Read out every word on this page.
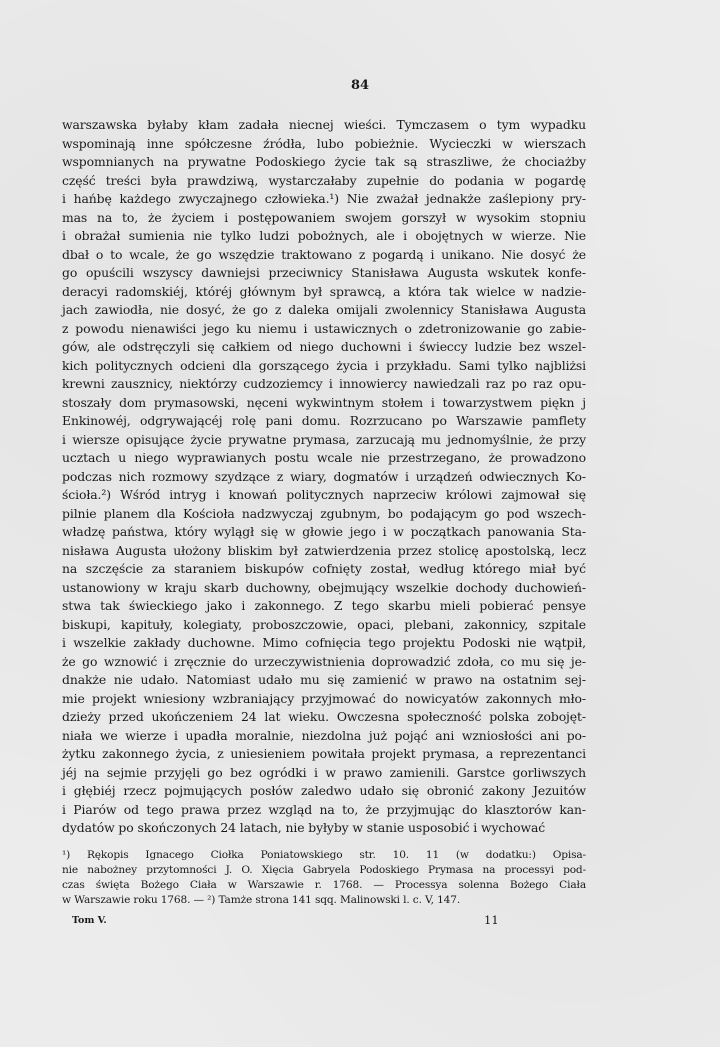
84
warszawska byłaby kłam zadała niecnej wieści. Tymczasem o tym wypadku
wspominają inne spółczesne źródła, lubo pobieżnie. Wycieczki w wierszach
wspomnianych na prywatne Podoskiego życie tak są straszliwe, że chociażby
część treści była prawdziwą, wystarczałaby zupełnie do podania w pogardę
i hańbę każdego zwyczajnego człowieka.¹) Nie zważał jednakże zaślepiony pry-
mas na to, że życiem i postępowaniem swojem gorszył w wysokim stopniu
i obrażał sumienia nie tylko ludzi pobożnych, ale i obojętnych w wierze. Nie
dbał o to wcale, że go wszędzie traktowano z pogardą i unikano. Nie dosyć że
go opuścili wszyscy dawniejsi przeciwnicy Stanisława Augusta wskutek konfe-
deracyi radomskiéj, któréj głównym był sprawcą, a która tak wielce w nadzie-
jach zawiodła, nie dosyć, że go z daleka omijali zwolennicy Stanisława Augusta
z powodu nienawiści jego ku niemu i ustawicznych o zdetronizowanie go zabie-
gów, ale odstręczyli się całkiem od niego duchowni i świeccy ludzie bez wszel-
kich politycznych odcieni dla gorszącego życia i przykładu. Sami tylko najbliżsi
krewni zausznicy, niektórzy cudzoziemcy i innowiercy nawiedzali raz po raz opu-
stoszały dom prymasowski, nęceni wykwintnym stołem i towarzystwem piękn j
Enkinowéj, odgrywającéj rolę pani domu. Rozrzucano po Warszawie pamflety
i wiersze opisujące życie prywatne prymasa, zarzucają mu jednomyślnie, że przy
ucztach u niego wyprawianych postu wcale nie przestrzegano, że prowadzono
podczas nich rozmowy szydzące z wiary, dogmatów i urządzeń odwiecznych Ko-
ścioła.²) Wśród intryg i knowań politycznych naprzeciw królowi zajmował się
pilnie planem dla Kościoła nadzwyczaj zgubnym, bo podającym go pod wszech-
władzę państwa, który wylągł się w głowie jego i w początkach panowania Sta-
nisława Augusta ułożony bliskim był zatwierdzenia przez stolicę apostolską, lecz
na szczęście za staraniem biskupów cofnięty został, według którego miał być
ustanowiony w kraju skarb duchowny, obejmujący wszelkie dochody duchowień-
stwa tak świeckiego jako i zakonnego. Z tego skarbu mieli pobierać pensye
biskupi, kapituły, kolegiaty, proboszczowie, opaci, plebani, zakonnicy, szpitale
i wszelkie zakłady duchowne. Mimo cofnięcia tego projektu Podoski nie wątpił,
że go wznowić i zręcznie do urzeczywistnienia doprowadzić zdoła, co mu się je-
dnakże nie udało. Natomiast udało mu się zamienić w prawo na ostatnim sej-
mie projekt wniesiony wzbraniający przyjmować do nowicyatów zakonnych mło-
dzieży przed ukończeniem 24 lat wieku. Owczesna społeczność polska zobojęt-
niała we wierze i upadła moralnie, niezdolna już pojąć ani wzniosłości ani po-
żytku zakonnego życia, z uniesieniem powitała projekt prymasa, a reprezentanci
jéj na sejmie przyjęli go bez ogródki i w prawo zamienili. Garstce gorliwszych
i głębiéj rzecz pojmujących posłów zaledwo udało się obronić zakony Jezuitów
i Piarów od tego prawa przez wzgląd na to, że przyjmując do klasztorów kan-
dydatów po skończonych 24 latach, nie byłyby w stanie usposobić i wychować
¹) Rękopis Ignacego Ciołka Poniatowskiego str. 10. 11 (w dodatku:) Opisa-
nie nabożney przytomności J. O. Xięcia Gabryela Podoskiego Prymasa na processyi pod-
czas święta Bożego Ciała w Warszawie r. 1768. — Processya solenna Bożego Ciała
w Warszawie roku 1768. — ²) Tamże strona 141 sqq. Malinowski l. c. V, 147.
Tom V.	11
